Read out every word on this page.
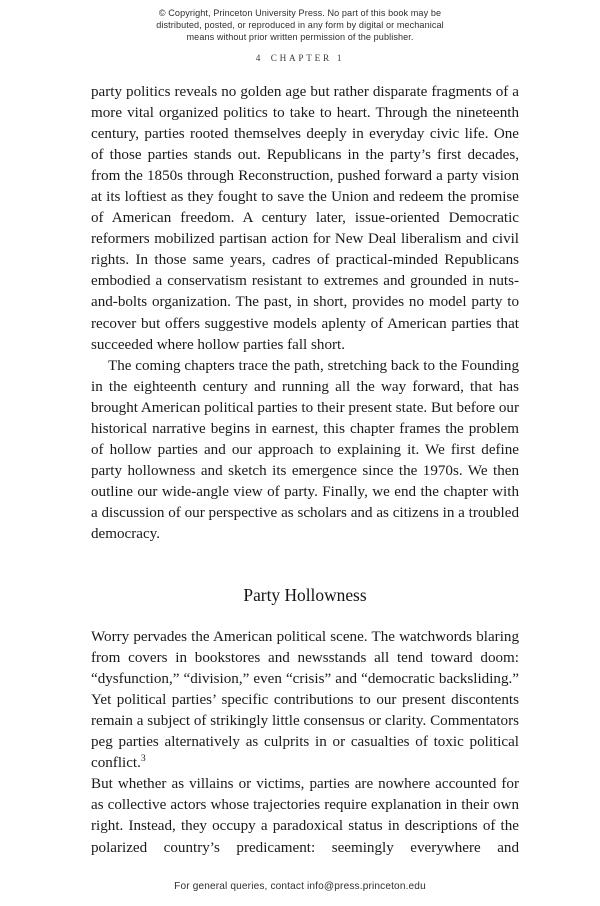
© Copyright, Princeton University Press. No part of this book may be
distributed, posted, or reproduced in any form by digital or mechanical
means without prior written permission of the publisher.
4 CHAPTER 1

party politics reveals no golden age but rather disparate fragments of a more vital organized politics to take to heart. Through the nineteenth century, parties rooted themselves deeply in everyday civic life. One of those parties stands out. Republicans in the party’s first decades, from the 1850s through Reconstruction, pushed forward a party vision at its loftiest as they fought to save the Union and redeem the promise of American freedom. A century later, issue-oriented Democratic reformers mobilized partisan action for New Deal liberalism and civil rights. In those same years, cadres of practical-minded Republicans embodied a conservatism resistant to extremes and grounded in nuts-and-bolts organization. The past, in short, provides no model party to recover but offers suggestive models aplenty of American parties that succeeded where hollow parties fall short.

The coming chapters trace the path, stretching back to the Founding in the eighteenth century and running all the way forward, that has brought American political parties to their present state. But before our historical narrative begins in earnest, this chapter frames the problem of hollow parties and our approach to explaining it. We first define party hollowness and sketch its emergence since the 1970s. We then outline our wide-angle view of party. Finally, we end the chapter with a discussion of our perspective as scholars and as citizens in a troubled democracy.

Party Hollowness

Worry pervades the American political scene. The watchwords blaring from covers in bookstores and newsstands all tend toward doom: “dysfunction,” “division,” even “crisis” and “democratic backsliding.” Yet political parties’ specific contributions to our present discontents remain a subject of strikingly little consensus or clarity. Commentators peg parties alternatively as culprits in or casualties of toxic political conflict.$^3$
But whether as villains or victims, parties are nowhere accounted for as collective actors whose trajectories require explanation in their own right. Instead, they occupy a paradoxical status in descriptions of the polarized country’s predicament: seemingly everywhere and

For general queries, contact info@press.princeton.edu
